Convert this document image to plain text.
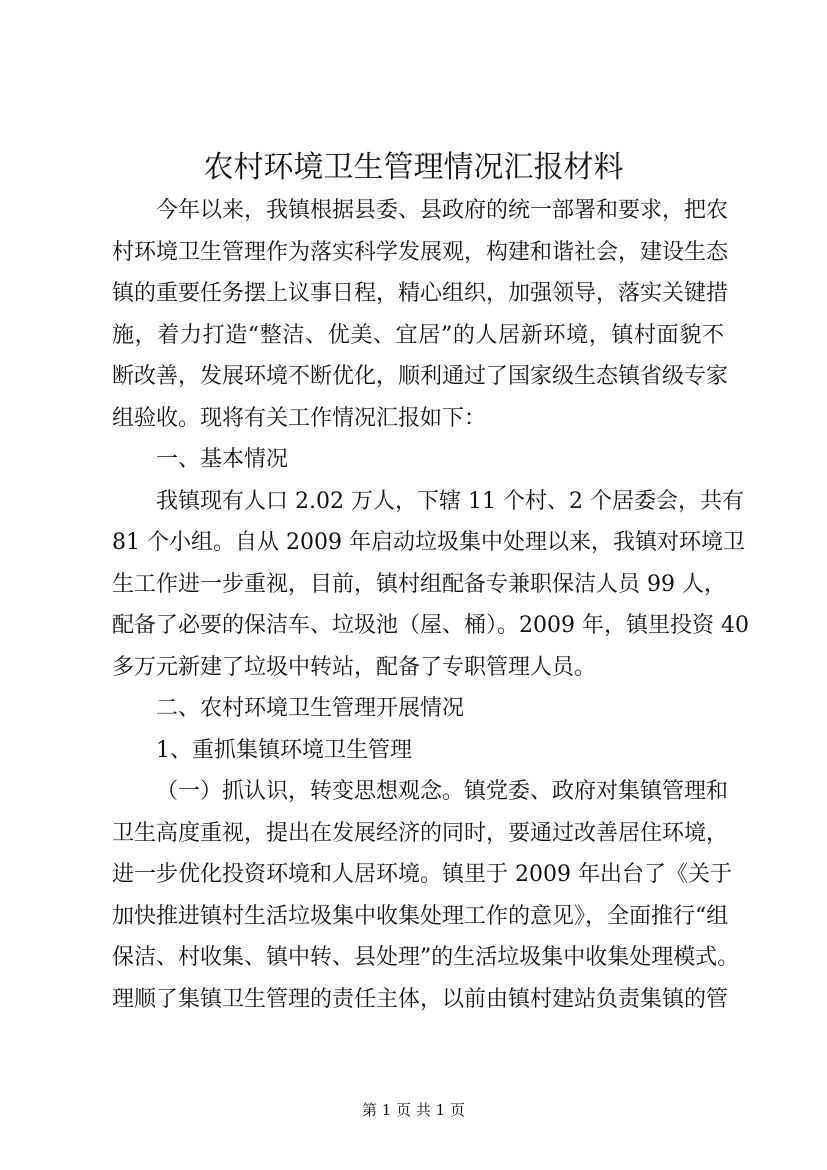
农村环境卫生管理情况汇报材料
今年以来，我镇根据县委、县政府的统一部署和要求，把农
村环境卫生管理作为落实科学发展观，构建和谐社会，建设生态
镇的重要任务摆上议事日程，精心组织，加强领导，落实关键措
施，着力打造“整洁、优美、宜居”的人居新环境，镇村面貌不
断改善，发展环境不断优化，顺利通过了国家级生态镇省级专家
组验收。现将有关工作情况汇报如下：
一、基本情况
我镇现有人口 2.02 万人，下辖 11 个村、2 个居委会，共有
81 个小组。自从 2009 年启动垃圾集中处理以来，我镇对环境卫
生工作进一步重视，目前，镇村组配备专兼职保洁人员 99 人，
配备了必要的保洁车、垃圾池（屋、桶）。2009 年，镇里投资 40
多万元新建了垃圾中转站，配备了专职管理人员。
二、农村环境卫生管理开展情况
1、重抓集镇环境卫生管理
（一）抓认识，转变思想观念。镇党委、政府对集镇管理和
卫生高度重视，提出在发展经济的同时，要通过改善居住环境，
进一步优化投资环境和人居环境。镇里于 2009 年出台了《关于
加快推进镇村生活垃圾集中收集处理工作的意见》，全面推行“组
保洁、村收集、镇中转、县处理”的生活垃圾集中收集处理模式。
理顺了集镇卫生管理的责任主体，以前由镇村建站负责集镇的管
第 1 页 共 1 页
